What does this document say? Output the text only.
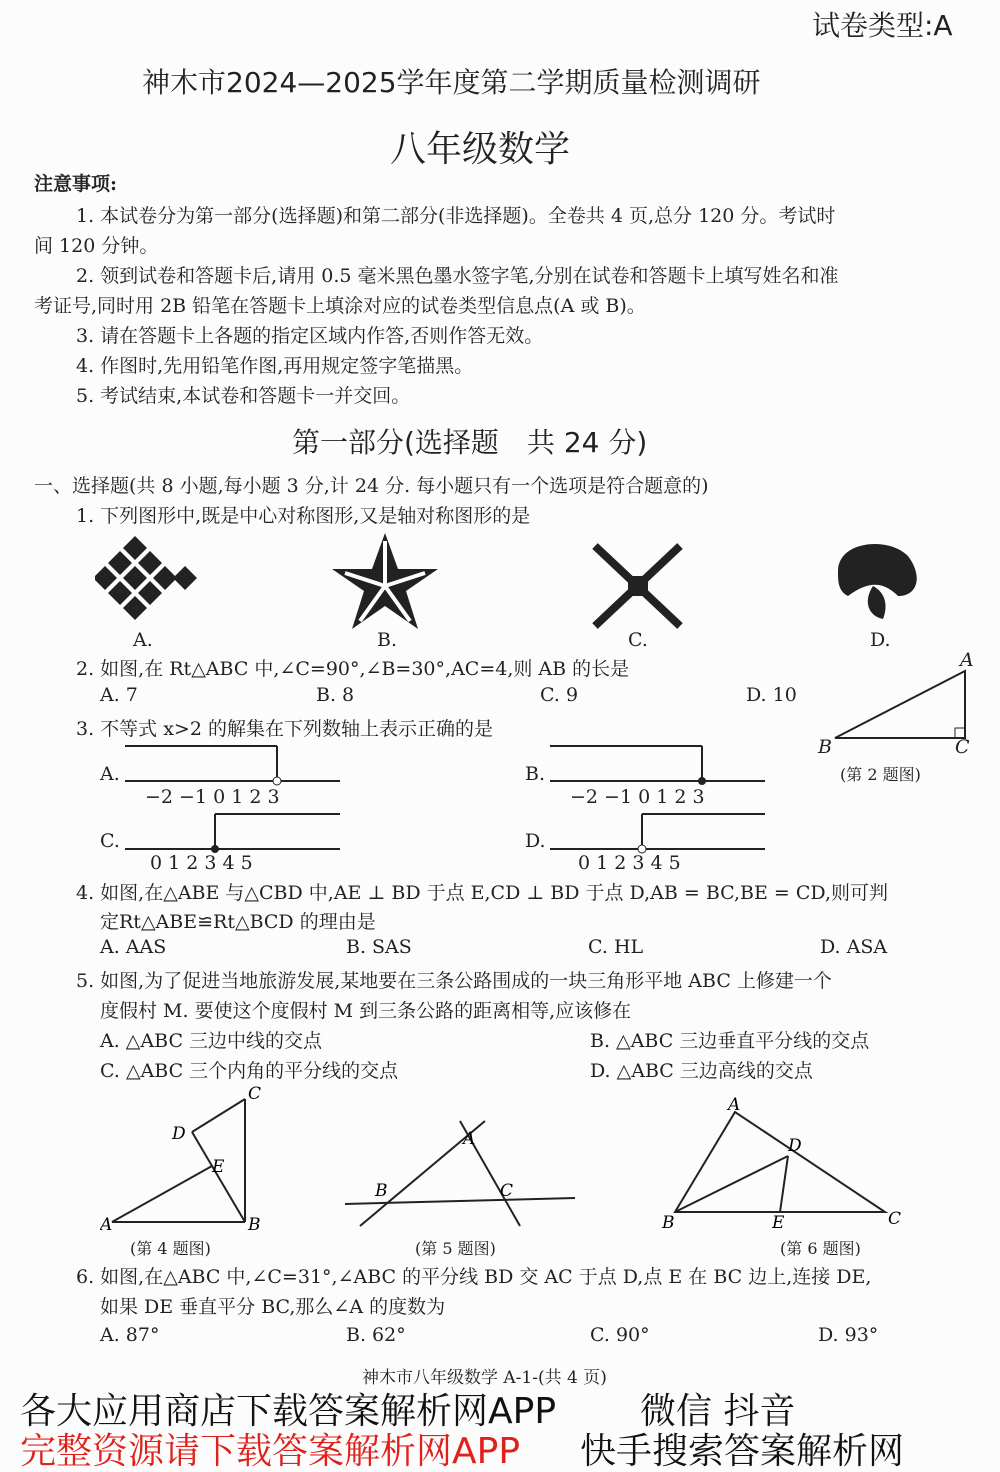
试卷类型:A
神木市2024—2025学年度第二学期质量检测调研
八年级数学
注意事项:
1. 本试卷分为第一部分(选择题)和第二部分(非选择题)。全卷共 4 页,总分 120 分。考试时
间 120 分钟。
2. 领到试卷和答题卡后,请用 0.5 毫米黑色墨水签字笔,分别在试卷和答题卡上填写姓名和准
考证号,同时用 2B 铅笔在答题卡上填涂对应的试卷类型信息点(A 或 B)。
3. 请在答题卡上各题的指定区域内作答,否则作答无效。
4. 作图时,先用铅笔作图,再用规定签字笔描黑。
5. 考试结束,本试卷和答题卡一并交回。
第一部分(选择题　共 24 分)
一、选择题(共 8 小题,每小题 3 分,计 24 分. 每小题只有一个选项是符合题意的)
1. 下列图形中,既是中心对称图形,又是轴对称图形的是
A.	B.	C.	D.
2. 如图,在 Rt△ABC 中,∠C=90°,∠B=30°,AC=4,则 AB 的长是
A. 7	B. 8	C. 9	D. 10
A
B	C
(第 2 题图)
3. 不等式 x>2 的解集在下列数轴上表示正确的是
A.
−2 −1 0 1 2 3
B.
−2 −1 0 1 2 3
C.
0 1 2 3 4 5
D.
0 1 2 3 4 5
4. 如图,在△ABE 与△CBD 中,AE ⊥ BD 于点 E,CD ⊥ BD 于点 D,AB = BC,BE = CD,则可判
定Rt△ABE≌Rt△BCD 的理由是
A. AAS	B. SAS	C. HL	D. ASA
5. 如图,为了促进当地旅游发展,某地要在三条公路围成的一块三角形平地 ABC 上修建一个
度假村 M. 要使这个度假村 M 到三条公路的距离相等,应该修在
A. △ABC 三边中线的交点	B. △ABC 三边垂直平分线的交点
C. △ABC 三个内角的平分线的交点	D. △ABC 三边高线的交点
C
D
E
A	B
(第 4 题图)
A
B	C
(第 5 题图)
A
D
B	E	C
(第 6 题图)
6. 如图,在△ABC 中,∠C=31°,∠ABC 的平分线 BD 交 AC 于点 D,点 E 在 BC 边上,连接 DE,
如果 DE 垂直平分 BC,那么∠A 的度数为
A. 87°	B. 62°	C. 90°	D. 93°
神木市八年级数学 A-1-(共 4 页)
各大应用商店下载答案解析网APP 微信 抖音
完整资源请下载答案解析网APP 快手搜索答案解析网
